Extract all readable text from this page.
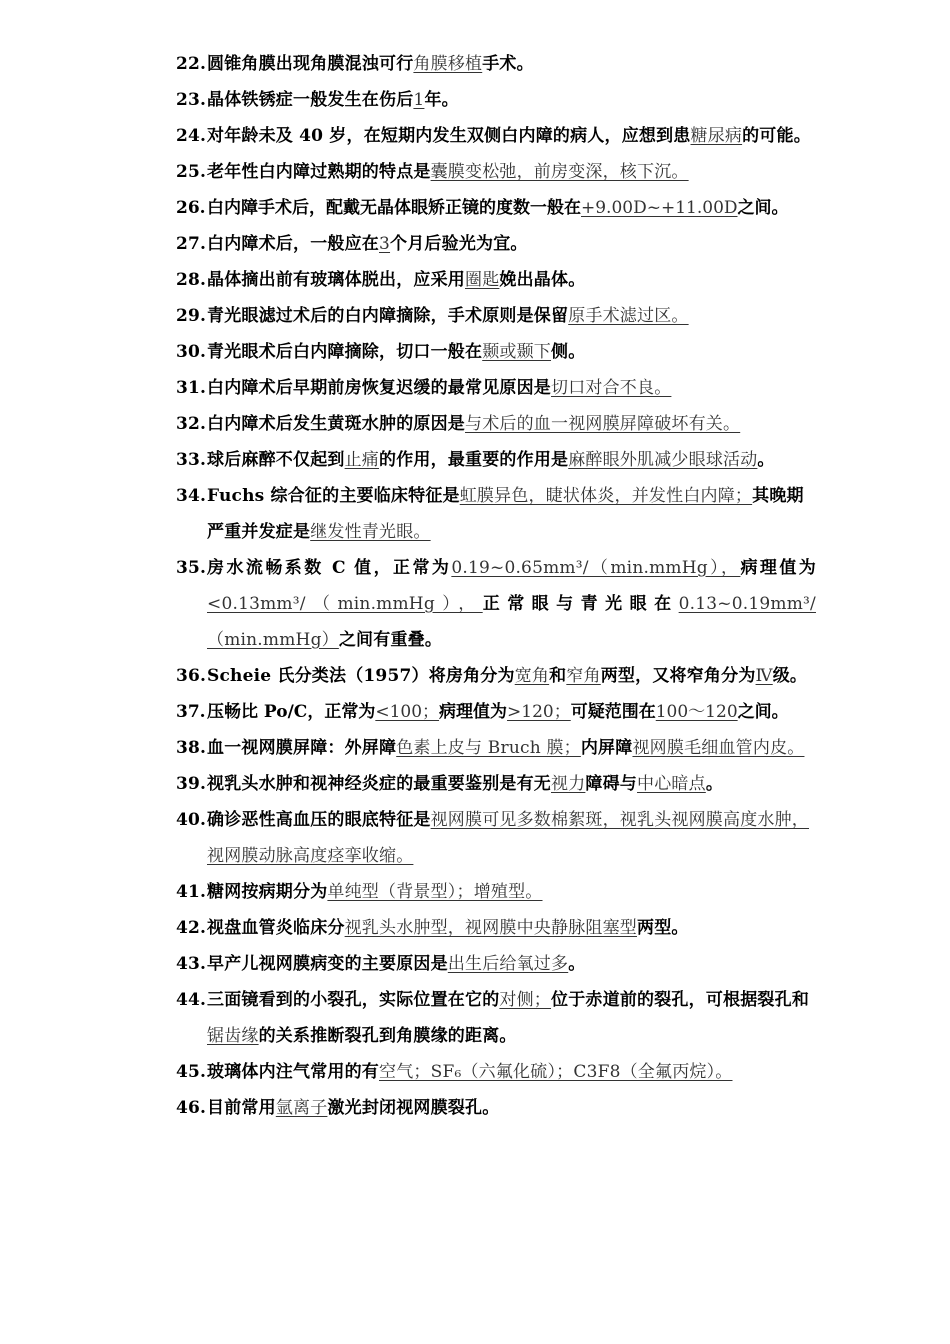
22. 圆锥角膜出现角膜混浊可行角膜移植手术。
23. 晶体铁锈症一般发生在伤后1年。
24. 对年龄未及 40 岁，在短期内发生双侧白内障的病人，应想到患糖尿病的可能。
25. 老年性白内障过熟期的特点是囊膜变松弛，前房变深，核下沉。
26. 白内障手术后，配戴无晶体眼矫正镜的度数一般在+9.00D~+11.00D之间。
27. 白内障术后，一般应在3个月后验光为宜。
28. 晶体摘出前有玻璃体脱出，应采用圈匙娩出晶体。
29. 青光眼滤过术后的白内障摘除，手术原则是保留原手术滤过区。
30. 青光眼术后白内障摘除，切口一般在颞或颞下侧。
31. 白内障术后早期前房恢复迟缓的最常见原因是切口对合不良。
32. 白内障术后发生黄斑水肿的原因是与术后的血一视网膜屏障破坏有关。
33. 球后麻醉不仅起到止痛的作用，最重要的作用是麻醉眼外肌减少眼球活动。
34. Fuchs 综合征的主要临床特征是虹膜异色，睫状体炎，并发性白内障；其晚期严重并发症是继发性青光眼。
35. 房水流畅系数 C 值，正常为0.19~0.65mm³/（min.mmHg），病理值为<0.13mm³/（min.mmHg），正常眼与青光眼在0.13~0.19mm³/（min.mmHg）之间有重叠。
36. Scheie 氏分类法（1957）将房角分为宽角和窄角两型，又将窄角分为Ⅳ级。
37. 压畅比 Po/C，正常为<100；病理值为>120；可疑范围在100～120之间。
38. 血一视网膜屏障：外屏障色素上皮与 Bruch 膜；内屏障视网膜毛细血管内皮。
39. 视乳头水肿和视神经炎症的最重要鉴别是有无视力障碍与中心暗点。
40. 确诊恶性高血压的眼底特征是视网膜可见多数棉絮斑，视乳头视网膜高度水肿，视网膜动脉高度痉挛收缩。
41. 糖网按病期分为单纯型（背景型）；增殖型。
42. 视盘血管炎临床分视乳头水肿型，视网膜中央静脉阻塞型两型。
43. 早产儿视网膜病变的主要原因是出生后给氧过多。
44. 三面镜看到的小裂孔，实际位置在它的对侧；位于赤道前的裂孔，可根据裂孔和锯齿缘的关系推断裂孔到角膜缘的距离。
45. 玻璃体内注气常用的有空气；SF₆（六氟化硫）；C3F8（全氟丙烷）。
46. 目前常用氩离子激光封闭视网膜裂孔。
